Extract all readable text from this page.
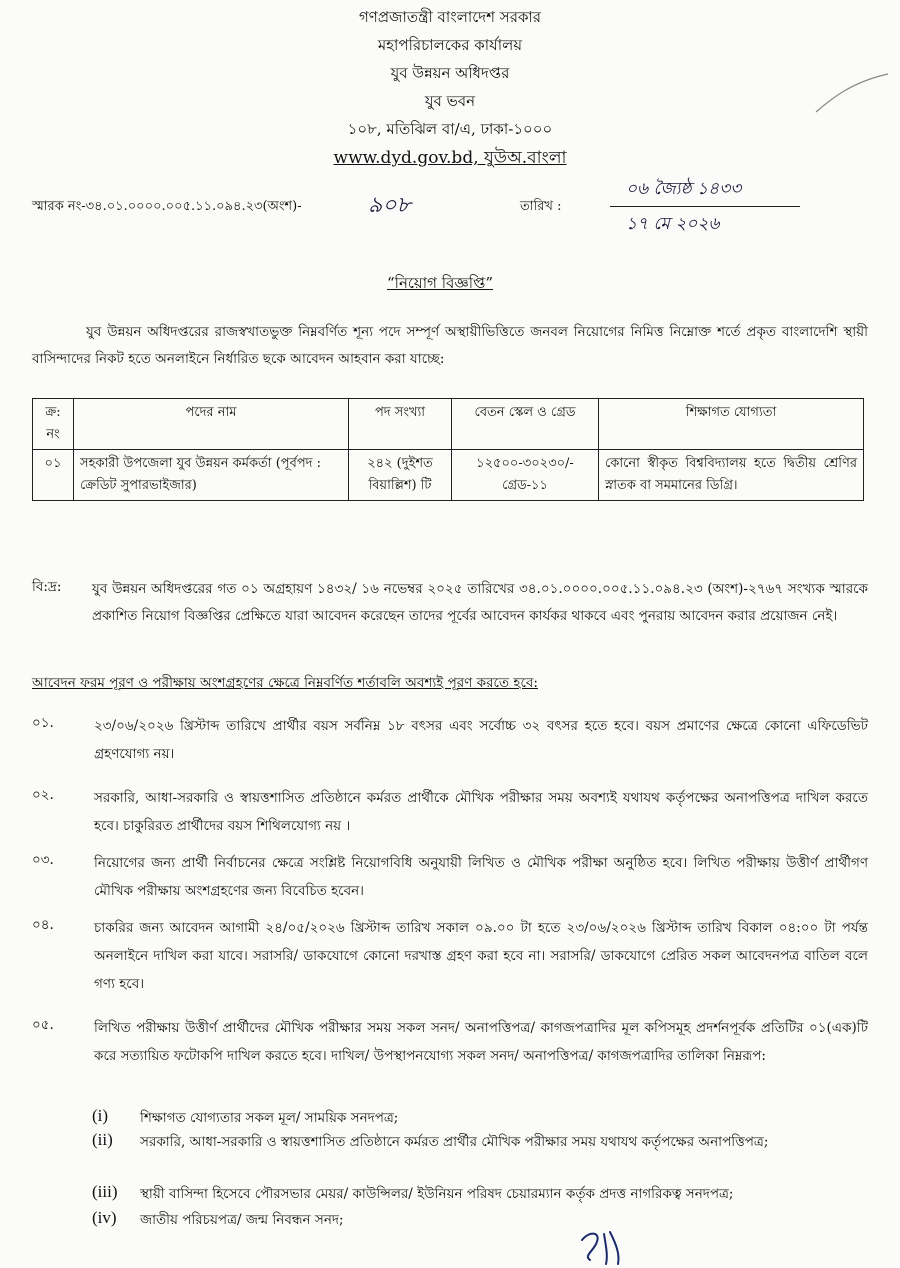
গণপ্রজাতন্ত্রী বাংলাদেশ সরকার
মহাপরিচালকের কার্যালয়
যুব উন্নয়ন অধিদপ্তর
যুব ভবন
১০৮, মতিঝিল বা/এ, ঢাকা-১০০০
www.dyd.gov.bd, যুউঅ.বাংলা
স্মারক নং-৩৪.০১.০০০০.০০৫.১১.০৯৪.২৩(অংশ)-	৯০৮	তারিখ :
০৬ জ্যৈষ্ঠ ১৪৩৩
১৭ মে ২০২৬
“নিয়োগ বিজ্ঞপ্তি”
যুব উন্নয়ন অধিদপ্তরের রাজস্বখাতভুক্ত নিম্নবর্ণিত শূন্য পদে সম্পূর্ণ অস্থায়ীভিত্তিতে জনবল নিয়োগের নিমিত্ত নিম্নোক্ত শর্তে প্রকৃত বাংলাদেশি স্থায়ী বাসিন্দাদের নিকট হতে অনলাইনে নির্ধারিত ছকে আবেদন আহবান করা যাচ্ছে:
ক্র: নং	পদের নাম	পদ সংখ্যা	বেতন স্কেল ও গ্রেড	শিক্ষাগত যোগ্যতা
০১	সহকারী উপজেলা যুব উন্নয়ন কর্মকর্তা (পূর্বপদ : ক্রেডিট সুপারভাইজার)	২৪২ (দুইশত বিয়াল্লিশ) টি	১২৫০০-৩০২৩০/- গ্রেড-১১	কোনো স্বীকৃত বিশ্ববিদ্যালয় হতে দ্বিতীয় শ্রেণির স্নাতক বা সমমানের ডিগ্রি।
বি:দ্র: যুব উন্নয়ন অধিদপ্তরের গত ০১ অগ্রহায়ণ ১৪৩২/ ১৬ নভেম্বর ২০২৫ তারিখের ৩৪.০১.০০০০.০০৫.১১.০৯৪.২৩ (অংশ)-২৭৬৭ সংখ্যক স্মারকে প্রকাশিত নিয়োগ বিজ্ঞপ্তির প্রেক্ষিতে যারা আবেদন করেছেন তাদের পূর্বের আবেদন কার্যকর থাকবে এবং পুনরায় আবেদন করার প্রয়োজন নেই।
আবেদন ফরম পূরণ ও পরীক্ষায় অংশগ্রহণের ক্ষেত্রে নিম্নবর্ণিত শর্তাবলি অবশ্যই পূরণ করতে হবে:
০১.	২৩/০৬/২০২৬ খ্রিস্টাব্দ তারিখে প্রার্থীর বয়স সর্বনিম্ন ১৮ বৎসর এবং সর্বোচ্চ ৩২ বৎসর হতে হবে। বয়স প্রমাণের ক্ষেত্রে কোনো এফিডেভিট গ্রহণযোগ্য নয়।
০২.	সরকারি, আধা-সরকারি ও স্বায়ত্তশাসিত প্রতিষ্ঠানে কর্মরত প্রার্থীকে মৌখিক পরীক্ষার সময় অবশ্যই যথাযথ কর্তৃপক্ষের অনাপত্তিপত্র দাখিল করতে হবে। চাকুরিরত প্রার্থীদের বয়স শিথিলযোগ্য নয় ।
০৩.	নিয়োগের জন্য প্রার্থী নির্বাচনের ক্ষেত্রে সংশ্লিষ্ট নিয়োগবিধি অনুযায়ী লিখিত ও মৌখিক পরীক্ষা অনুষ্ঠিত হবে। লিখিত পরীক্ষায় উত্তীর্ণ প্রার্থীগণ মৌখিক পরীক্ষায় অংশগ্রহণের জন্য বিবেচিত হবেন।
০৪.	চাকরির জন্য আবেদন আগামী ২৪/০৫/২০২৬ খ্রিস্টাব্দ তারিখ সকাল ০৯.০০ টা হতে ২৩/০৬/২০২৬ খ্রিস্টাব্দ তারিখ বিকাল ০৪:০০ টা পর্যন্ত অনলাইনে দাখিল করা যাবে। সরাসরি/ ডাকযোগে কোনো দরখাস্ত গ্রহণ করা হবে না। সরাসরি/ ডাকযোগে প্রেরিত সকল আবেদনপত্র বাতিল বলে গণ্য হবে।
০৫.	লিখিত পরীক্ষায় উত্তীর্ণ প্রার্থীদের মৌখিক পরীক্ষার সময় সকল সনদ/ অনাপত্তিপত্র/ কাগজপত্রাদির মূল কপিসমূহ প্রদর্শনপূর্বক প্রতিটির ০১(এক)টি করে সত্যায়িত ফটোকপি দাখিল করতে হবে। দাখিল/ উপস্থাপনযোগ্য সকল সনদ/ অনাপত্তিপত্র/ কাগজপত্রাদির তালিকা নিম্নরূপ:
(i) শিক্ষাগত যোগ্যতার সকল মূল/ সাময়িক সনদপত্র;
(ii) সরকারি, আধা-সরকারি ও স্বায়ত্তশাসিত প্রতিষ্ঠানে কর্মরত প্রার্থীর মৌখিক পরীক্ষার সময় যথাযথ কর্তৃপক্ষের অনাপত্তিপত্র;
(iii) স্থায়ী বাসিন্দা হিসেবে পৌরসভার মেয়র/ কাউন্সিলর/ ইউনিয়ন পরিষদ চেয়ারম্যান কর্তৃক প্রদত্ত নাগরিকত্ব সনদপত্র;
(iv) জাতীয় পরিচয়পত্র/ জন্ম নিবন্ধন সনদ;
